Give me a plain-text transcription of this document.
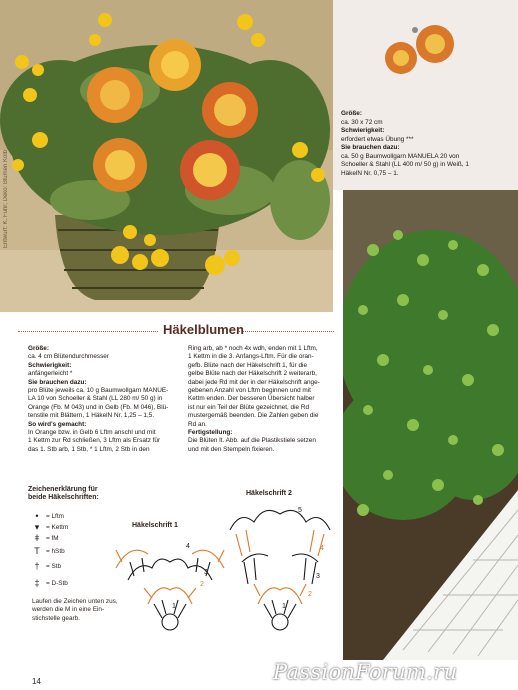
Entwurf: K. Fuhr; Deko: Blumen Kolb
Größe:
ca. 30 x 72 cm
Schwierigkeit:
erfordert etwas Übung ***
Sie brauchen dazu:
ca. 50 g Baumwollgarn MANUELA 20 von
Schoeller & Stahl (LL 400 m/ 50 g) in Weiß, 1
HäkelN Nr. 0,75 – 1.
Häkelblumen
Größe:
ca. 4 cm Blütendurchmesser
Schwierigkeit:
anfängerleicht *
Sie brauchen dazu:
pro Blüte jeweils ca. 10 g Baumwollgarn MANUE-
LA 10 von Schoeller & Stahl (LL 280 m/ 50 g) in
Orange (Fb. M 043) und in Gelb (Fb. M 046), Blü-
tenstile mit Blättern, 1 HäkelN Nr. 1,25 – 1,5.
So wird's gemacht:
In Orange bzw. in Gelb 6 Lftm anschl und mit
1 Kettm zur Rd schließen, 3 Lftm als Ersatz für
das 1. Stb arb, 1 Stb, * 1 Lftm, 2 Stb in den
Ring arb, ab * noch 4x wdh, enden mit 1 Lftm,
1 Kettm in die 3. Anfangs-Lftm. Für die oran-
gefb. Blüte nach der Häkelschrift 1, für die
gelbe Blüte nach der Häkelschrift 2 weiterarb,
dabei jede Rd mit der in der Häkelschrift ange-
gebenen Anzahl von Lftm beginnen und mit
Kettm enden. Der besseren Übersicht halber
ist nur ein Teil der Blüte gezeichnet, die Rd
mustergemäß beenden. Die Zahlen geben die
Rd an.
Fertigstellung:
Die Blüten lt. Abb. auf die Plastikstiele setzen
und mit den Stempeln fixieren.
Zeichenerklärung für
beide Häkelschriften:
•	= Lftm
▾	= Kettm
ǂ = fM
T = hStb
†	= Stb
‡	= D-Stb
Laufen die Zeichen unten zus,
werden die M in eine Ein-
stichstelle gearb.
Häkelschrift 1
1
2
3
4
Häkelschrift 2
1
2
3
4
5
14	PassionForum.ru
